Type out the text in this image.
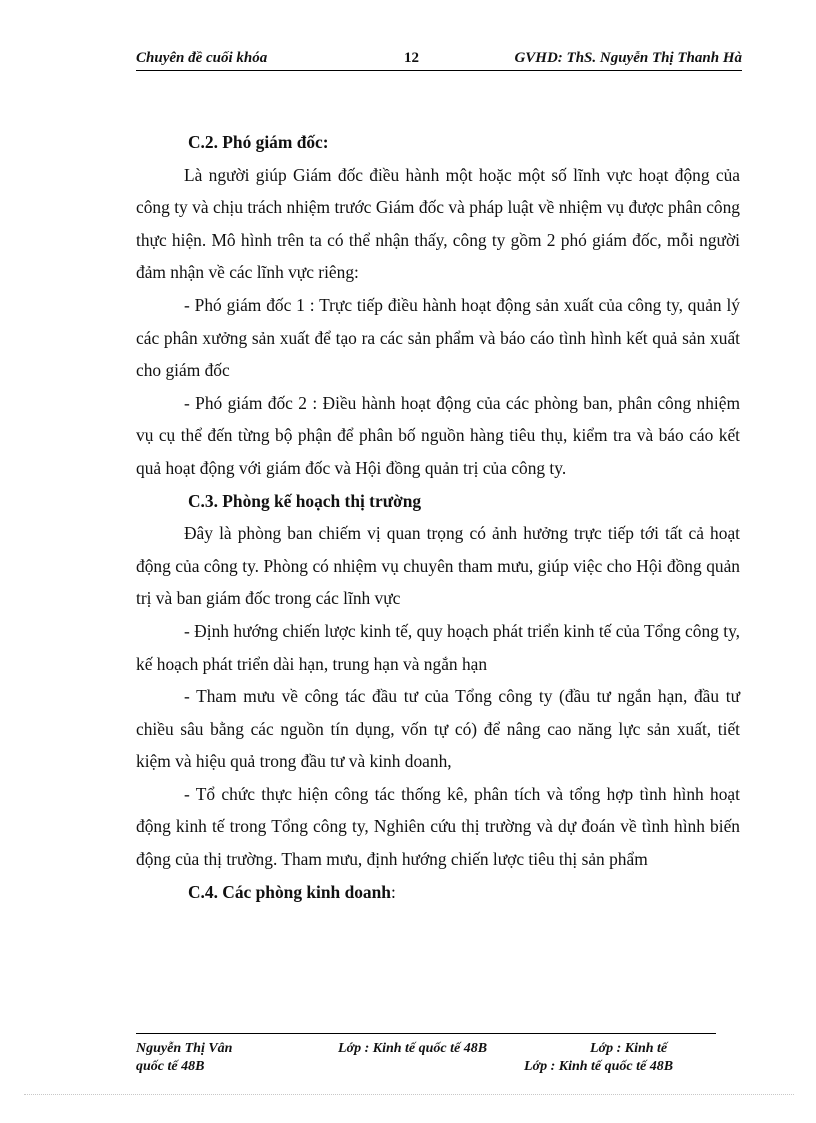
Chuyên đề cuối khóa	12	GVHD: ThS. Nguyễn Thị Thanh Hà

C.2. Phó giám đốc:

Là người giúp Giám đốc điều hành một hoặc một số lĩnh vực hoạt động của công ty và chịu trách nhiệm trước Giám đốc và pháp luật về nhiệm vụ được phân công thực hiện. Mô hình trên ta có thể nhận thấy, công ty gồm 2 phó giám đốc, mỗi người đảm nhận về các lĩnh vực riêng:

- Phó giám đốc 1 : Trực tiếp điều hành hoạt động sản xuất của công ty, quản lý các phân xưởng sản xuất để tạo ra các sản phẩm và báo cáo tình hình kết quả sản xuất cho giám đốc

- Phó giám đốc 2 : Điều hành hoạt động của các phòng ban, phân công nhiệm vụ cụ thể đến từng bộ phận để phân bố nguồn hàng tiêu thụ, kiểm tra và báo cáo kết quả hoạt động với giám đốc và Hội đồng quản trị của công ty.

C.3. Phòng kế hoạch thị trường

Đây là phòng ban chiếm vị quan trọng có ảnh hưởng trực tiếp tới tất cả hoạt động của công ty. Phòng có nhiệm vụ chuyên tham mưu, giúp việc cho Hội đồng quản trị và ban giám đốc trong các lĩnh vực

- Định hướng chiến lược kinh tế, quy hoạch phát triển kinh tế của Tổng công ty, kế hoạch phát triển dài hạn, trung hạn và ngắn hạn

- Tham mưu về công tác đầu tư của Tổng công ty (đầu tư ngắn hạn, đầu tư chiều sâu bằng các nguồn tín dụng, vốn tự có) để nâng cao năng lực sản xuất, tiết kiệm và hiệu quả trong đầu tư và kinh doanh,

- Tổ chức thực hiện công tác thống kê, phân tích và tổng hợp tình hình hoạt động kinh tế trong Tổng công ty, Nghiên cứu thị trường và dự đoán về tình hình biến động của thị trường. Tham mưu, định hướng chiến lược tiêu thị sản phẩm

C.4. Các phòng kinh doanh:

Nguyễn Thị Vân	Lớp : Kinh tế quốc tế 48B	Lớp : Kinh tế
quốc tế 48B	Lớp : Kinh tế quốc tế 48B
